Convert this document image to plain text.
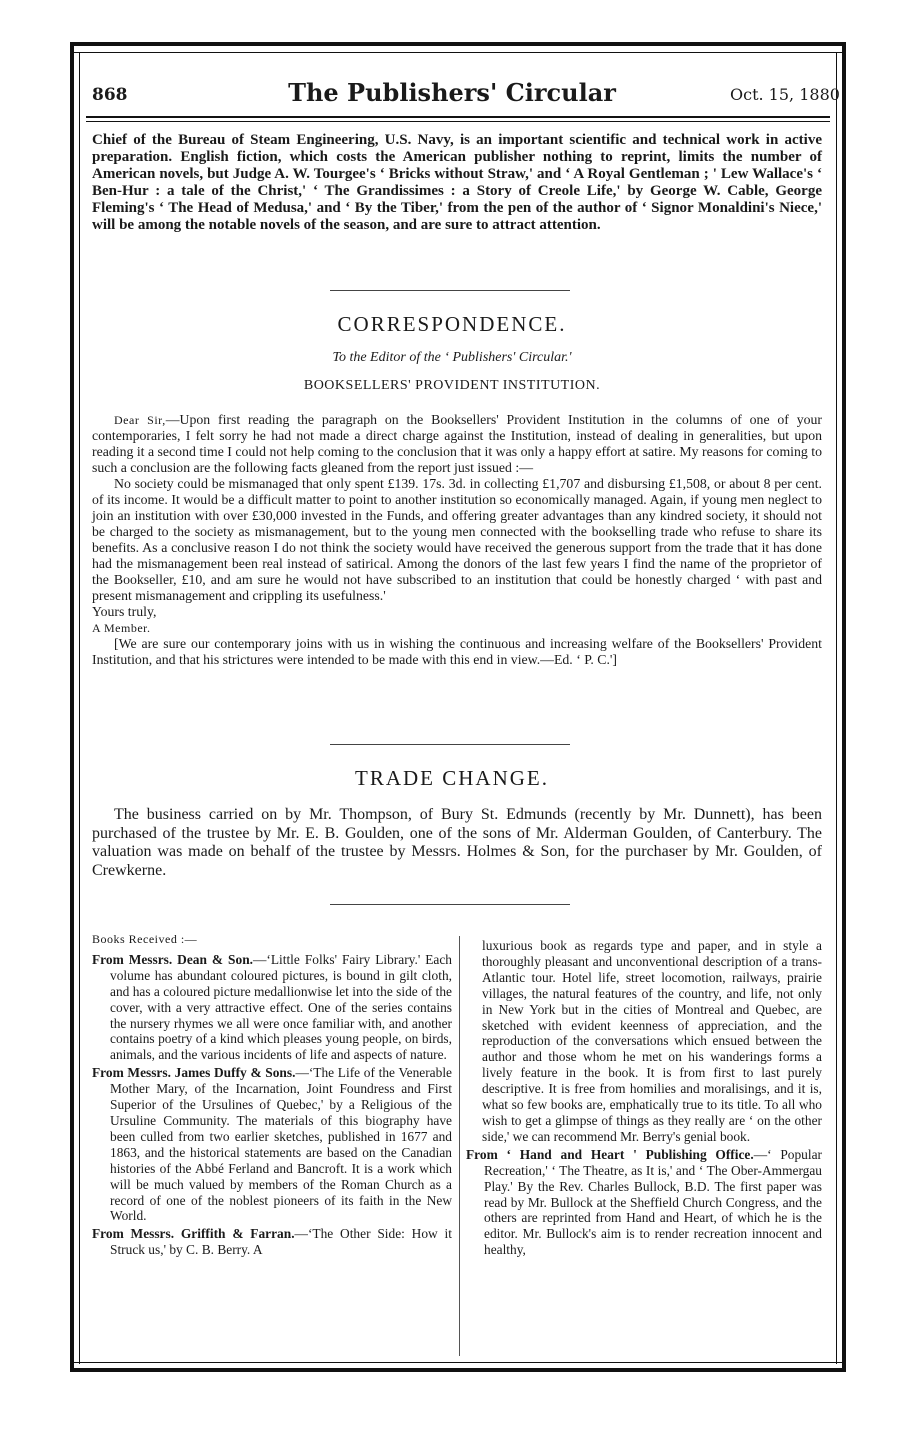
868	The Publishers' Circular	Oct. 15, 1880

Chief of the Bureau of Steam Engineering, U.S. Navy, is an important scientific and technical work in active preparation. English fiction, which costs the American publisher nothing to reprint, limits the number of American novels, but Judge A. W. Tourgee's ‘ Bricks without Straw,' and ‘ A Royal Gentleman ; ' Lew Wallace's ‘ Ben-Hur : a tale of the Christ,' ‘ The Grandissimes : a Story of Creole Life,' by George W. Cable, George Fleming's ‘ The Head of Medusa,' and ‘ By the Tiber,' from the pen of the author of ‘ Signor Monaldini's Niece,' will be among the notable novels of the season, and are sure to attract attention.

CORRESPONDENCE.
To the Editor of the ‘ Publishers' Circular.'
BOOKSELLERS' PROVIDENT INSTITUTION.

Dear Sir,—Upon first reading the paragraph on the Booksellers' Provident Institution in the columns of one of your contemporaries, I felt sorry he had not made a direct charge against the Institution, instead of dealing in generalities, but upon reading it a second time I could not help coming to the conclusion that it was only a happy effort at satire. My reasons for coming to such a conclusion are the following facts gleaned from the report just issued :—

No society could be mismanaged that only spent £139. 17s. 3d. in collecting £1,707 and disbursing £1,508, or about 8 per cent. of its income. It would be a difficult matter to point to another institution so economically managed. Again, if young men neglect to join an institution with over £30,000 invested in the Funds, and offering greater advantages than any kindred society, it should not be charged to the society as mismanagement, but to the young men connected with the bookselling trade who refuse to share its benefits. As a conclusive reason I do not think the society would have received the generous support from the trade that it has done had the mismanagement been real instead of satirical. Among the donors of the last few years I find the name of the proprietor of the Bookseller, £10, and am sure he would not have subscribed to an institution that could be honestly charged ‘ with past and present mismanagement and crippling its usefulness.'

Yours truly,

A Member.

[We are sure our contemporary joins with us in wishing the continuous and increasing welfare of the Booksellers' Provident Institution, and that his strictures were intended to be made with this end in view.—Ed. ‘ P. C.']

TRADE CHANGE.

The business carried on by Mr. Thompson, of Bury St. Edmunds (recently by Mr. Dunnett), has been purchased of the trustee by Mr. E. B. Goulden, one of the sons of Mr. Alderman Goulden, of Canterbury. The valuation was made on behalf of the trustee by Messrs. Holmes & Son, for the purchaser by Mr. Goulden, of Crewkerne.

Books Received :—

From Messrs. Dean & Son.—‘Little Folks' Fairy Library.' Each volume has abundant coloured pictures, is bound in gilt cloth, and has a coloured picture medallionwise let into the side of the cover, with a very attractive effect. One of the series contains the nursery rhymes we all were once familiar with, and another contains poetry of a kind which pleases young people, on birds, animals, and the various incidents of life and aspects of nature.

From Messrs. James Duffy & Sons.—‘The Life of the Venerable Mother Mary, of the Incarnation, Joint Foundress and First Superior of the Ursulines of Quebec,' by a Religious of the Ursuline Community. The materials of this biography have been culled from two earlier sketches, published in 1677 and 1863, and the historical statements are based on the Canadian histories of the Abbé Ferland and Bancroft. It is a work which will be much valued by members of the Roman Church as a record of one of the noblest pioneers of its faith in the New World.

From Messrs. Griffith & Farran.—‘The Other Side: How it Struck us,' by C. B. Berry. A

luxurious book as regards type and paper, and in style a thoroughly pleasant and unconventional description of a trans-Atlantic tour. Hotel life, street locomotion, railways, prairie villages, the natural features of the country, and life, not only in New York but in the cities of Montreal and Quebec, are sketched with evident keenness of appreciation, and the reproduction of the conversations which ensued between the author and those whom he met on his wanderings forms a lively feature in the book. It is from first to last purely descriptive. It is free from homilies and moralisings, and it is, what so few books are, emphatically true to its title. To all who wish to get a glimpse of things as they really are ‘ on the other side,' we can recommend Mr. Berry's genial book.

From ‘ Hand and Heart ' Publishing Office.—‘ Popular Recreation,' ‘ The Theatre, as It is,' and ‘ The Ober-Ammergau Play.' By the Rev. Charles Bullock, B.D. The first paper was read by Mr. Bullock at the Sheffield Church Congress, and the others are reprinted from Hand and Heart, of which he is the editor. Mr. Bullock's aim is to render recreation innocent and healthy,
